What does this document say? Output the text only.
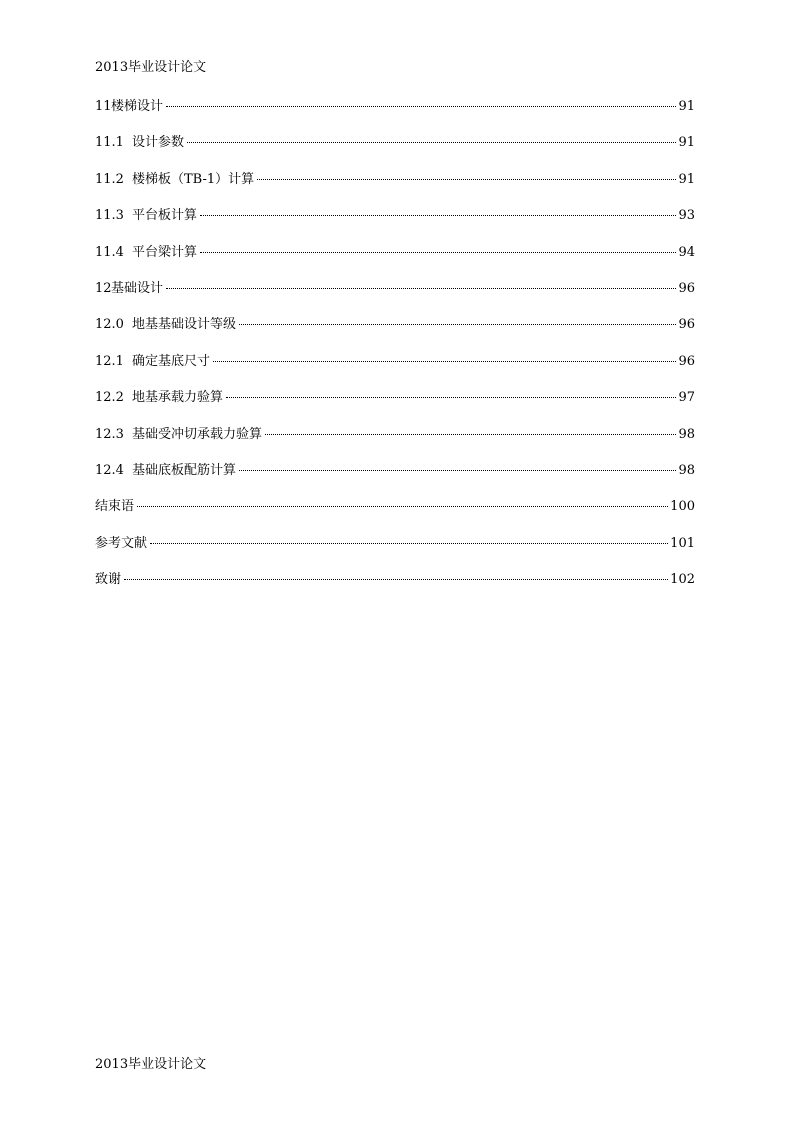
2013毕业设计论文
11 楼梯设计	91
11.1 设计参数	91
11.2 楼梯板（TB-1）计算	91
11.3 平台板计算	93
11.4 平台梁计算	94
12 基础设计	96
12.0 地基基础设计等级	96
12.1 确定基底尺寸	96
12.2 地基承载力验算	97
12.3 基础受冲切承载力验算	98
12.4 基础底板配筋计算	98
结束语	100
参考文献	101
致谢	102
2013毕业设计论文
